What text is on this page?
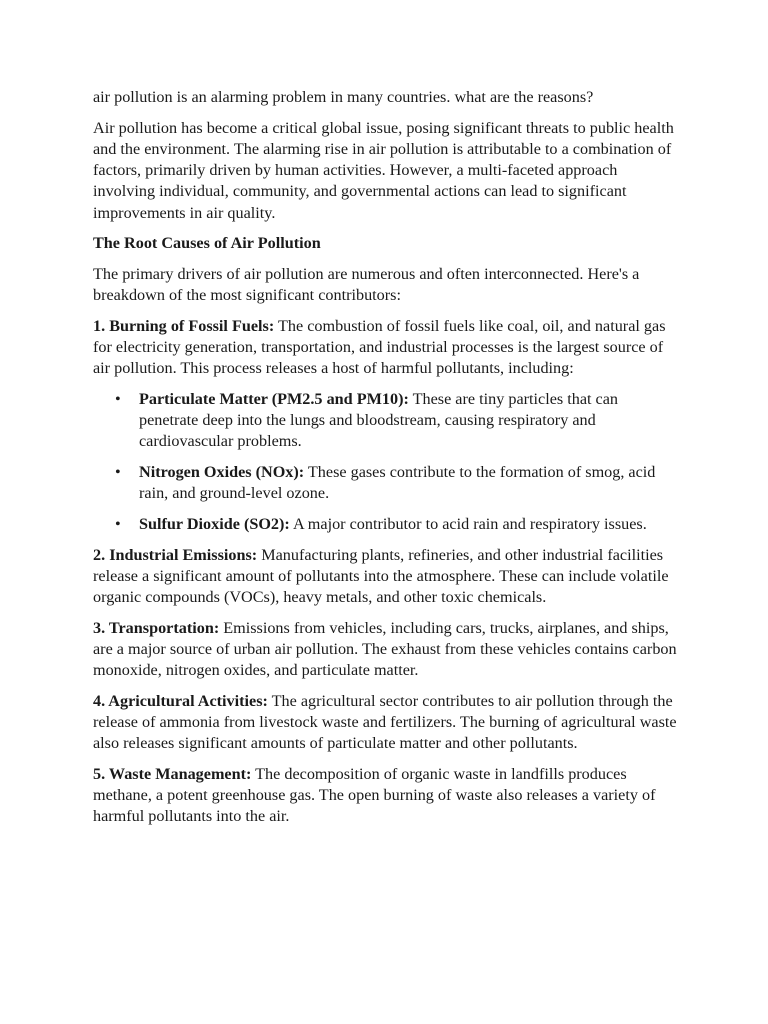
air pollution is an alarming problem in many countries. what are the reasons?

Air pollution has become a critical global issue, posing significant threats to public health and the environment. The alarming rise in air pollution is attributable to a combination of factors, primarily driven by human activities. However, a multi-faceted approach involving individual, community, and governmental actions can lead to significant improvements in air quality.

The Root Causes of Air Pollution

The primary drivers of air pollution are numerous and often interconnected. Here's a breakdown of the most significant contributors:

1. Burning of Fossil Fuels: The combustion of fossil fuels like coal, oil, and natural gas for electricity generation, transportation, and industrial processes is the largest source of air pollution. This process releases a host of harmful pollutants, including:

• Particulate Matter (PM2.5 and PM10): These are tiny particles that can penetrate deep into the lungs and bloodstream, causing respiratory and cardiovascular problems.
• Nitrogen Oxides (NOx): These gases contribute to the formation of smog, acid rain, and ground-level ozone.
• Sulfur Dioxide (SO2): A major contributor to acid rain and respiratory issues.

2. Industrial Emissions: Manufacturing plants, refineries, and other industrial facilities release a significant amount of pollutants into the atmosphere. These can include volatile organic compounds (VOCs), heavy metals, and other toxic chemicals.

3. Transportation: Emissions from vehicles, including cars, trucks, airplanes, and ships, are a major source of urban air pollution. The exhaust from these vehicles contains carbon monoxide, nitrogen oxides, and particulate matter.

4. Agricultural Activities: The agricultural sector contributes to air pollution through the release of ammonia from livestock waste and fertilizers. The burning of agricultural waste also releases significant amounts of particulate matter and other pollutants.

5. Waste Management: The decomposition of organic waste in landfills produces methane, a potent greenhouse gas. The open burning of waste also releases a variety of harmful pollutants into the air.
